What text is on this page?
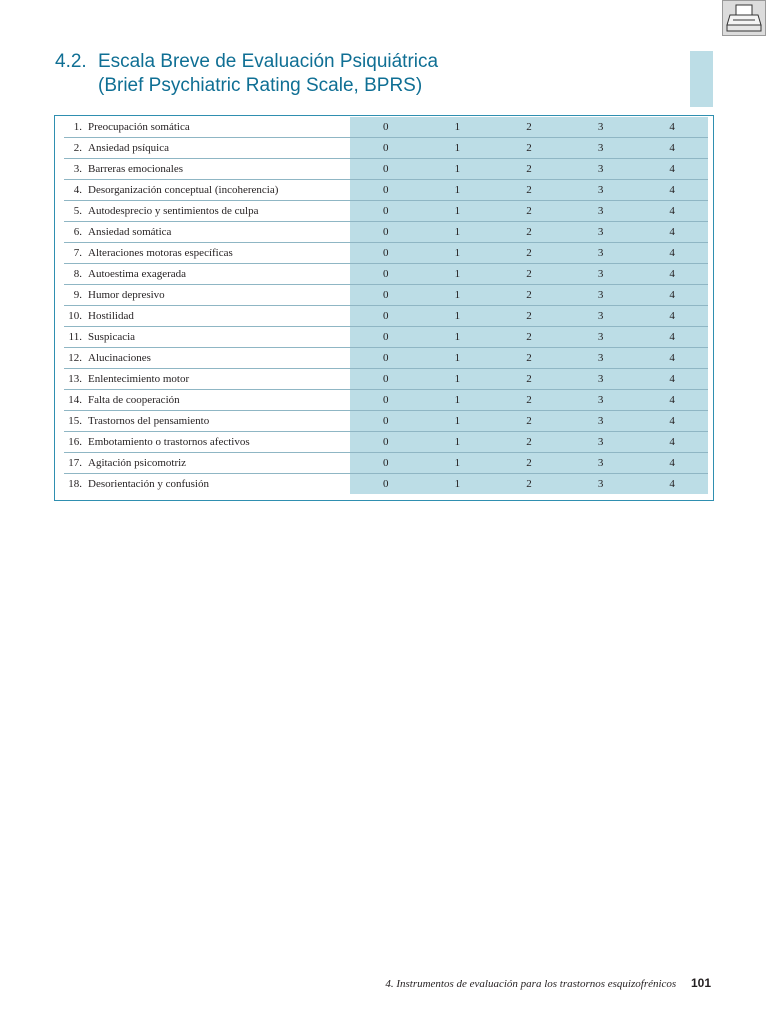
4.2. Escala Breve de Evaluación Psiquiátrica
(Brief Psychiatric Rating Scale, BPRS)
1.	Preocupación somática	0	1	2	3	4
2.	Ansiedad psíquica	0	1	2	3	4
3.	Barreras emocionales	0	1	2	3	4
4.	Desorganización conceptual (incoherencia)	0	1	2	3	4
5.	Autodesprecio y sentimientos de culpa	0	1	2	3	4
6.	Ansiedad somática	0	1	2	3	4
7.	Alteraciones motoras específicas	0	1	2	3	4
8.	Autoestima exagerada	0	1	2	3	4
9.	Humor depresivo	0	1	2	3	4
10.	Hostilidad	0	1	2	3	4
11.	Suspicacia	0	1	2	3	4
12.	Alucinaciones	0	1	2	3	4
13.	Enlentecimiento motor	0	1	2	3	4
14.	Falta de cooperación	0	1	2	3	4
15.	Trastornos del pensamiento	0	1	2	3	4
16.	Embotamiento o trastornos afectivos	0	1	2	3	4
17.	Agitación psicomotriz	0	1	2	3	4
18.	Desorientación y confusión	0	1	2	3	4
4. Instrumentos de evaluación para los trastornos esquizofrénicos 101
